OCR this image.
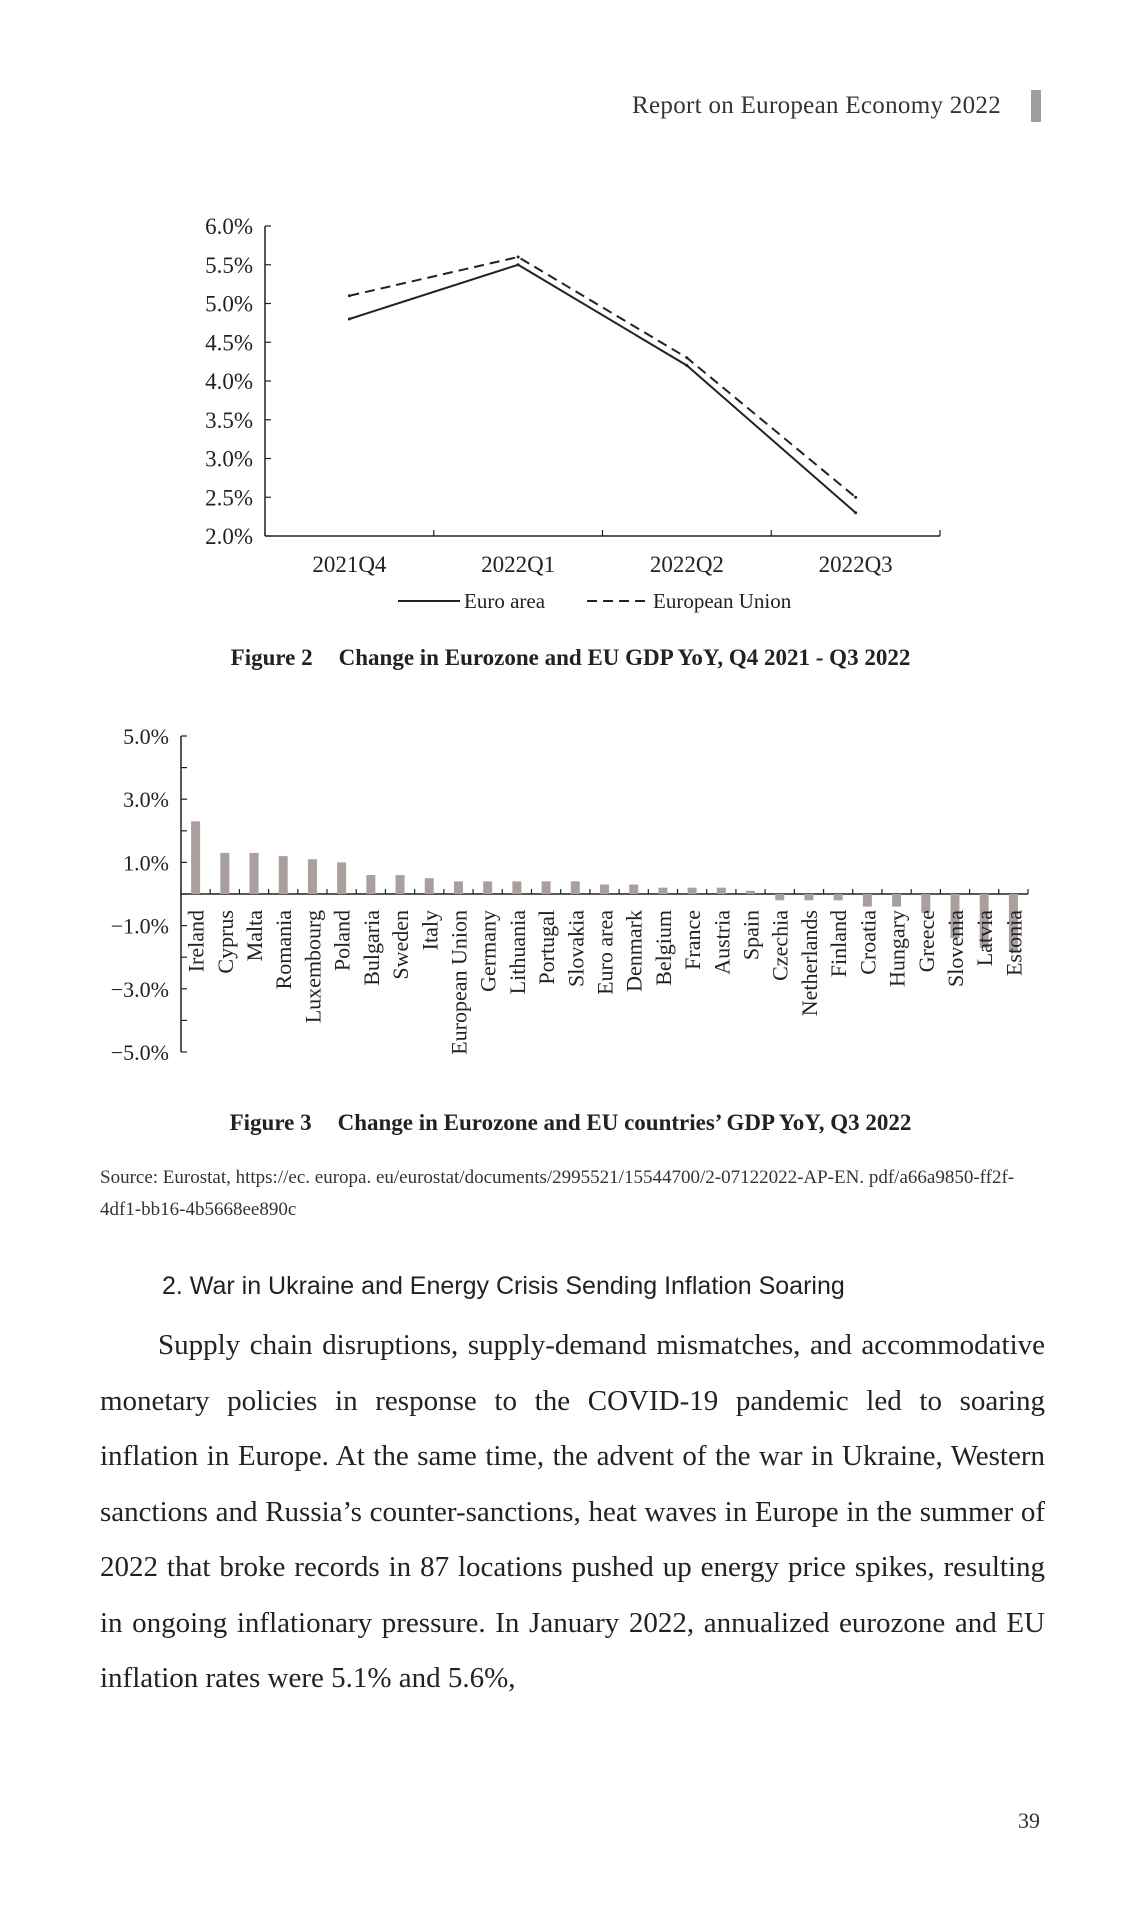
Report on European Economy 2022
2.0%
2.5%
3.0%
3.5%
4.0%
4.5%
5.0%
5.5%
6.0%
2021Q4	2022Q1	2022Q2	2022Q3
Euro area	European Union
Figure 2 Change in Eurozone and EU GDP YoY, Q4 2021 - Q3 2022
5.0%
3.0%
1.0%
−1.0%
−3.0%
−5.0%
Ireland Cyprus Malta Romania Luxembourg Poland Bulgaria Sweden Italy European Union Germany Lithuania Portugal Slovakia Euro area Denmark Belgium France Austria Spain Czechia Netherlands Finland Croatia Hungary Greece Slovenia Latvia Estonia
Figure 3 Change in Eurozone and EU countries’ GDP YoY, Q3 2022
Source: Eurostat, https://ec. europa. eu/eurostat/documents/2995521/15544700/2-07122022-AP-EN. pdf/a66a9850-ff2f-4df1-bb16-4b5668ee890c
2. War in Ukraine and Energy Crisis Sending Inflation Soaring
Supply chain disruptions, supply-demand mismatches, and accommodative monetary policies in response to the COVID-19 pandemic led to soaring inflation in Europe. At the same time, the advent of the war in Ukraine, Western sanctions and Russia’s counter-sanctions, heat waves in Europe in the summer of 2022 that broke records in 87 locations pushed up energy price spikes, resulting in ongoing inflationary pressure. In January 2022, annualized eurozone and EU inflation rates were 5.1% and 5.6%,
39
